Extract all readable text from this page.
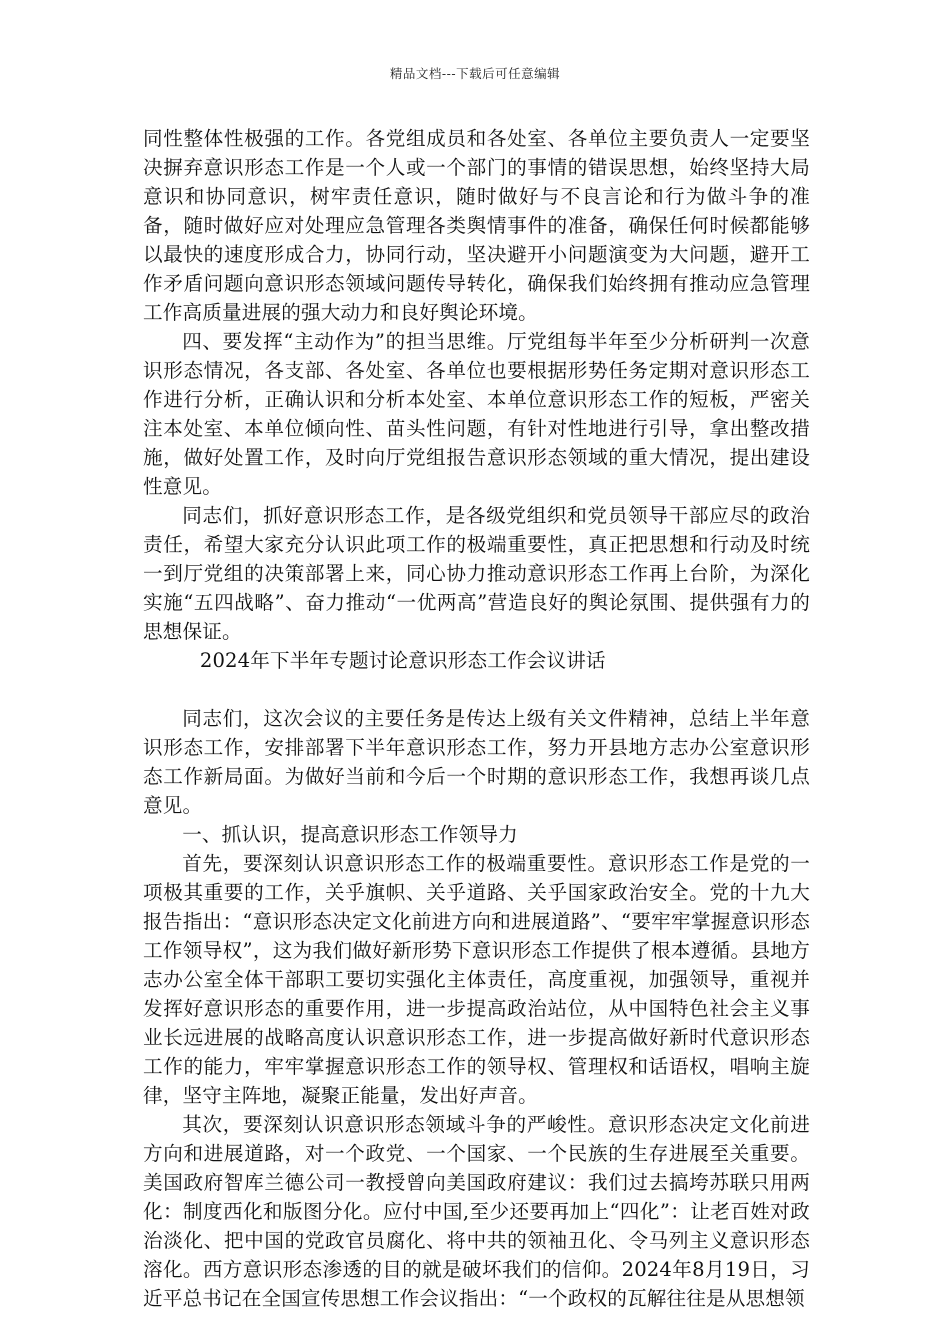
精品文档---下载后可任意编辑

同性整体性极强的工作。各党组成员和各处室、各单位主要负责人一定要坚决摒弃意识形态工作是一个人或一个部门的事情的错误思想，始终坚持大局意识和协同意识，树牢责任意识，随时做好与不良言论和行为做斗争的准备，随时做好应对处理应急管理各类舆情事件的准备，确保任何时候都能够以最快的速度形成合力，协同行动，坚决避开小问题演变为大问题，避开工作矛盾问题向意识形态领域问题传导转化，确保我们始终拥有推动应急管理工作高质量进展的强大动力和良好舆论环境。

四、要发挥“主动作为”的担当思维。厅党组每半年至少分析研判一次意识形态情况，各支部、各处室、各单位也要根据形势任务定期对意识形态工作进行分析，正确认识和分析本处室、本单位意识形态工作的短板，严密关注本处室、本单位倾向性、苗头性问题，有针对性地进行引导，拿出整改措施，做好处置工作，及时向厅党组报告意识形态领域的重大情况，提出建设性意见。

同志们，抓好意识形态工作，是各级党组织和党员领导干部应尽的政治责任，希望大家充分认识此项工作的极端重要性，真正把思想和行动及时统一到厅党组的决策部署上来，同心协力推动意识形态工作再上台阶，为深化实施“五四战略”、奋力推动“一优两高”营造良好的舆论氛围、提供强有力的思想保证。

2024年下半年专题讨论意识形态工作会议讲话

同志们，这次会议的主要任务是传达上级有关文件精神，总结上半年意识形态工作，安排部署下半年意识形态工作，努力开县地方志办公室意识形态工作新局面。为做好当前和今后一个时期的意识形态工作，我想再谈几点意见。

一、抓认识，提高意识形态工作领导力

首先，要深刻认识意识形态工作的极端重要性。意识形态工作是党的一项极其重要的工作，关乎旗帜、关乎道路、关乎国家政治安全。党的十九大报告指出：“意识形态决定文化前进方向和进展道路”、“要牢牢掌握意识形态工作领导权”，这为我们做好新形势下意识形态工作提供了根本遵循。县地方志办公室全体干部职工要切实强化主体责任，高度重视，加强领导，重视并发挥好意识形态的重要作用，进一步提高政治站位，从中国特色社会主义事业长远进展的战略高度认识意识形态工作，进一步提高做好新时代意识形态工作的能力，牢牢掌握意识形态工作的领导权、管理权和话语权，唱响主旋律，坚守主阵地，凝聚正能量，发出好声音。

其次，要深刻认识意识形态领域斗争的严峻性。意识形态决定文化前进方向和进展道路，对一个政党、一个国家、一个民族的生存进展至关重要。美国政府智库兰德公司一教授曾向美国政府建议：我们过去搞垮苏联只用两化：制度西化和版图分化。应付中国,至少还要再加上“四化”：让老百姓对政治淡化、把中国的党政官员腐化、将中共的领袖丑化、令马列主义意识形态溶化。西方意识形态渗透的目的就是破坏我们的信仰。2024年8月19日，习近平总书记在全国宣传思想工作会议指出：“一个政权的瓦解往往是从思想领
